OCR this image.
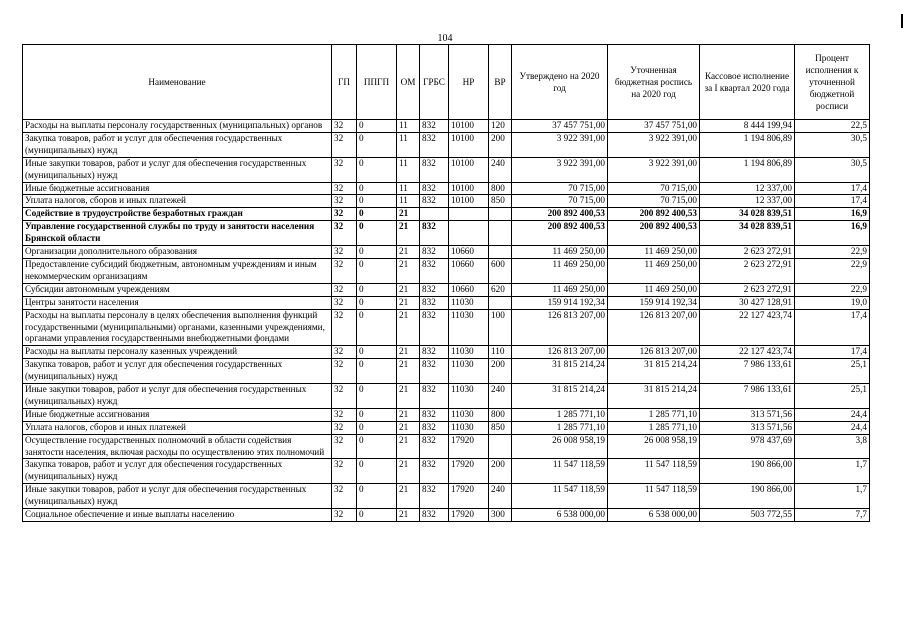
104
Наименование	ГП	ППГП	ОМ	ГРБС	НР	ВР	Утверждено на 2020 год	Уточненная бюджетная роспись на 2020 год	Кассовое исполнение за I квартал 2020 года	Процент исполнения к уточненной бюджетной росписи
Расходы на выплаты персоналу государственных (муниципальных) органов	32	0	11	832	10100	120	37 457 751,00	37 457 751,00	8 444 199,94	22,5
Закупка товаров, работ и услуг для обеспечения государственных (муниципальных) нужд	32	0	11	832	10100	200	3 922 391,00	3 922 391,00	1 194 806,89	30,5
Иные закупки товаров, работ и услуг для обеспечения государственных (муниципальных) нужд	32	0	11	832	10100	240	3 922 391,00	3 922 391,00	1 194 806,89	30,5
Иные бюджетные ассигнования	32	0	11	832	10100	800	70 715,00	70 715,00	12 337,00	17,4
Уплата налогов, сборов и иных платежей	32	0	11	832	10100	850	70 715,00	70 715,00	12 337,00	17,4
Содействие в трудоустройстве безработных граждан	32	0	21				200 892 400,53	200 892 400,53	34 028 839,51	16,9
Управление государственной службы по труду и занятости населения Брянской области	32	0	21	832			200 892 400,53	200 892 400,53	34 028 839,51	16,9
Организации дополнительного образования	32	0	21	832	10660		11 469 250,00	11 469 250,00	2 623 272,91	22,9
Предоставление субсидий бюджетным, автономным учреждениям и иным некоммерческим организациям	32	0	21	832	10660	600	11 469 250,00	11 469 250,00	2 623 272,91	22,9
Субсидии автономным учреждениям	32	0	21	832	10660	620	11 469 250,00	11 469 250,00	2 623 272,91	22,9
Центры занятости населения	32	0	21	832	11030		159 914 192,34	159 914 192,34	30 427 128,91	19,0
Расходы на выплаты персоналу в целях обеспечения выполнения функций государственными (муниципальными) органами, казенными учреждениями, органами управления государственными внебюджетными фондами	32	0	21	832	11030	100	126 813 207,00	126 813 207,00	22 127 423,74	17,4
Расходы на выплаты персоналу казенных учреждений	32	0	21	832	11030	110	126 813 207,00	126 813 207,00	22 127 423,74	17,4
Закупка товаров, работ и услуг для обеспечения государственных (муниципальных) нужд	32	0	21	832	11030	200	31 815 214,24	31 815 214,24	7 986 133,61	25,1
Иные закупки товаров, работ и услуг для обеспечения государственных (муниципальных) нужд	32	0	21	832	11030	240	31 815 214,24	31 815 214,24	7 986 133,61	25,1
Иные бюджетные ассигнования	32	0	21	832	11030	800	1 285 771,10	1 285 771,10	313 571,56	24,4
Уплата налогов, сборов и иных платежей	32	0	21	832	11030	850	1 285 771,10	1 285 771,10	313 571,56	24,4
Осуществление государственных полномочий в области содействия занятости населения, включая расходы по осуществлению этих полномочий	32	0	21	832	17920		26 008 958,19	26 008 958,19	978 437,69	3,8
Закупка товаров, работ и услуг для обеспечения государственных (муниципальных) нужд	32	0	21	832	17920	200	11 547 118,59	11 547 118,59	190 866,00	1,7
Иные закупки товаров, работ и услуг для обеспечения государственных (муниципальных) нужд	32	0	21	832	17920	240	11 547 118,59	11 547 118,59	190 866,00	1,7
Социальное обеспечение и иные выплаты населению	32	0	21	832	17920	300	6 538 000,00	6 538 000,00	503 772,55	7,7
